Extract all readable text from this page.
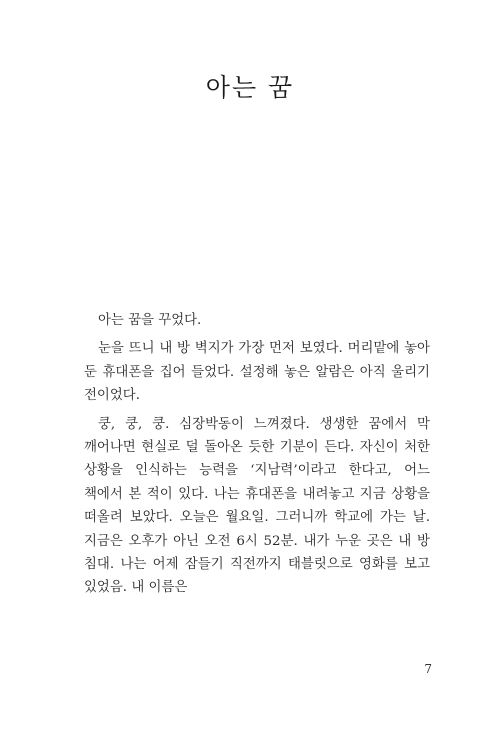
아는 꿈

아는 꿈을 꾸었다.

눈을 뜨니 내 방 벽지가 가장 먼저 보였다. 머리맡에 놓아 둔 휴대폰을 집어 들었다. 설정해 놓은 알람은 아직 울리기 전이었다.

쿵, 쿵, 쿵. 심장박동이 느껴졌다. 생생한 꿈에서 막 깨어나면 현실로 덜 돌아온 듯한 기분이 든다. 자신이 처한 상황을 인식하는 능력을 ‘지남력’이라고 한다고, 어느 책에서 본 적이 있다. 나는 휴대폰을 내려놓고 지금 상황을 떠올려 보았다. 오늘은 월요일. 그러니까 학교에 가는 날. 지금은 오후가 아닌 오전 6시 52분. 내가 누운 곳은 내 방 침대. 나는 어제 잠들기 직전까지 태블릿으로 영화를 보고 있었음. 내 이름은

7
